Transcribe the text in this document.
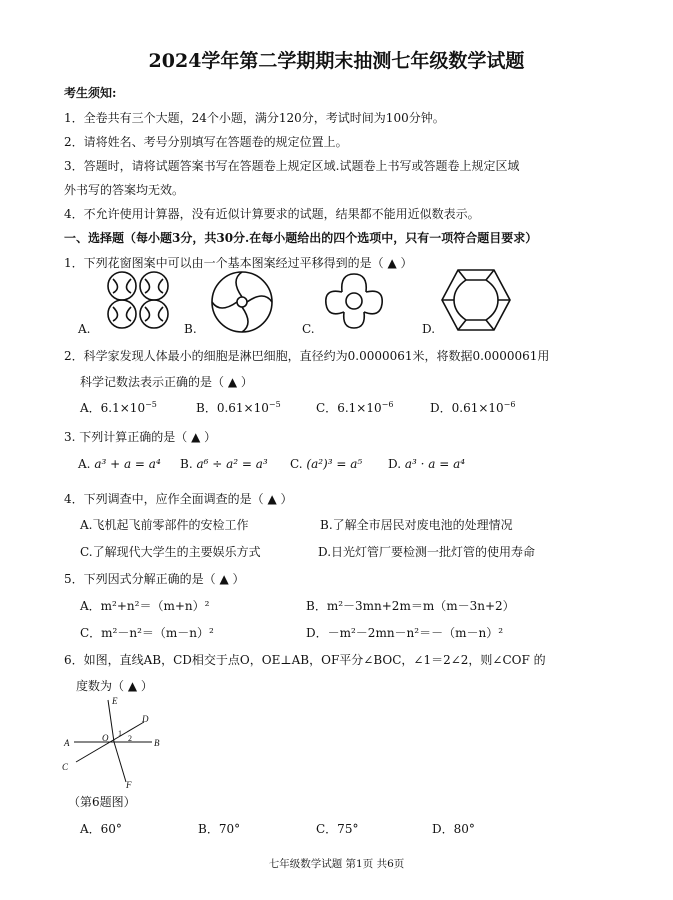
2024学年第二学期期末抽测七年级数学试题
考生须知:
1．全卷共有三个大题，24个小题，满分120分，考试时间为100分钟。
2．请将姓名、考号分别填写在答题卷的规定位置上。
3．答题时，请将试题答案书写在答题卷上规定区域.试题卷上书写或答题卷上规定区域
外书写的答案均无效。
4．不允许使用计算器，没有近似计算要求的试题，结果都不能用近似数表示。
一、选择题（每小题3分，共30分.在每小题给出的四个选项中，只有一项符合题目要求）
1．下列花窗图案中可以由一个基本图案经过平移得到的是（ ▲ ）
A.	B.	C.	D.
2．科学家发现人体最小的细胞是淋巴细胞，直径约为0.0000061米，将数据0.0000061用
科学记数法表示正确的是（ ▲ ）
A．$6.1\times 10^{-5}$	B．$0.61\times 10^{-5}$	C．$6.1\times 10^{-6}$	D．$0.61\times 10^{-6}$
3. 下列计算正确的是（ ▲ ）
A. a³ + a = a⁴ B. a⁶ ÷ a² = a³ C. (a²)³ = a⁵ D. a³ · a = a⁴
4．下列调查中，应作全面调查的是（ ▲ ）
A.飞机起飞前零部件的安检工作	B.了解全市居民对废电池的处理情况
C.了解现代大学生的主要娱乐方式	D.日光灯管厂要检测一批灯管的使用寿命
5．下列因式分解正确的是（ ▲ ）
A．m²+n²＝（m+n）²	B．m²－3mn+2m＝m（m－3n+2）
C．m²－n²＝（m－n）²	D．－m²－2mn－n²＝－（m－n）²
6．如图，直线AB，CD相交于点O，OE⊥AB，OF平分∠BOC，∠1＝2∠2，则∠COF 的
度数为（ ▲ ）
E
D
A	B
O
C
F
1
2
（第6题图）
A．60°	B．70°	C．75°	D．80°
七年级数学试题 第1页 共6页
